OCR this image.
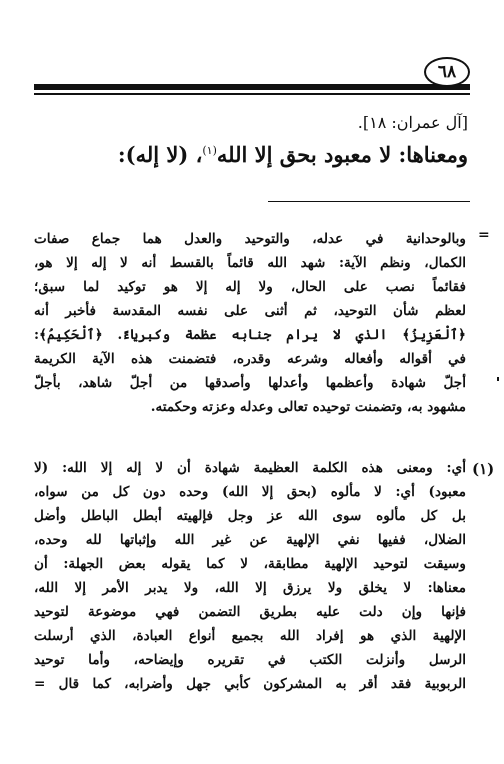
٦٨
[آل عمران: ١٨].
ومعناها: لا معبود بحق إلا الله$^{(١)}$، (لا إله):
=
وبالوحدانية في عدله، والتوحيد والعدل هما جماع صفات
الكمال، ونظم الآية: شهد الله قائماً بالقسط أنه لا إله إلا هو،
فقائماً نصب على الحال، ولا إله إلا هو توكيد لما سبق؛
لعظم شأن التوحيد، ثم أثنى على نفسه المقدسة فأخبر أنه
﴿ٱلْعَزِيزُ﴾ الذي لا يرام جنابه عظمة وكبرياءً. ﴿ٱلْحَكِيمُ﴾:
في أقواله وأفعاله وشرعه وقدره، فتضمنت هذه الآية الكريمة
أجلّ شهادة وأعظمها وأعدلها وأصدقها من أجلّ شاهد، بأجلّ
مشهود به، وتضمنت توحيده تعالى وعدله وعزته وحكمته.
(١)
أي: ومعنى هذه الكلمة العظيمة شهادة أن لا إله إلا الله: (لا
معبود) أي: لا مألوه (بحق إلا الله) وحده دون كل من سواه،
بل كل مألوه سوى الله عز وجل فإلهيته أبطل الباطل وأضل
الضلال، ففيها نفي الإلهية عن غير الله وإثباتها لله وحده،
وسيقت لتوحيد الإلهية مطابقة، لا كما يقوله بعض الجهلة: أن
معناها: لا يخلق ولا يرزق إلا الله، ولا يدبر الأمر إلا الله،
فإنها وإن دلت عليه بطريق التضمن فهي موضوعة لتوحيد
الإلهية الذي هو إفراد الله بجميع أنواع العبادة، الذي أرسلت
الرسل وأنزلت الكتب في تقريره وإيضاحه، وأما توحيد
الربوبية فقد أقر به المشركون كأبي جهل وأضرابه، كما قال =
